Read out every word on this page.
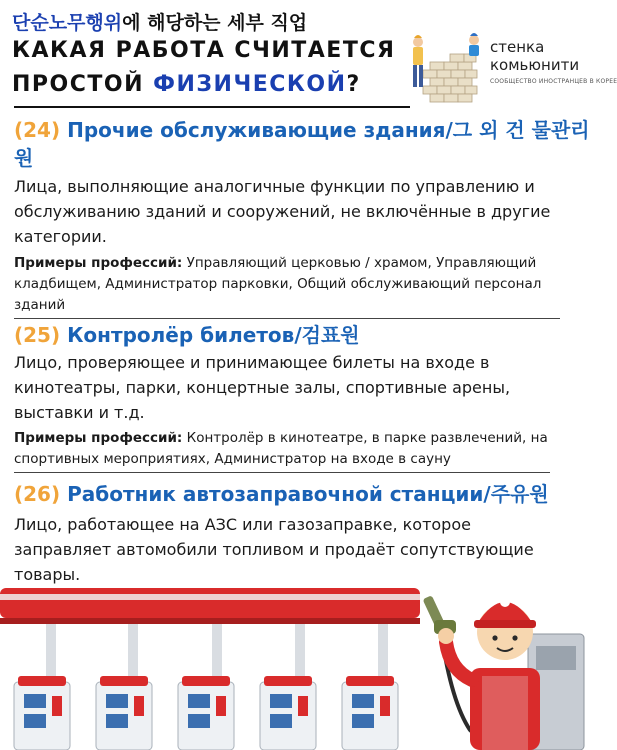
단순노무행위에 해당하는 세부 직업
КАКАЯ РАБОТА СЧИТАЕТСЯ
ПРОСТОЙ ФИЗИЧЕСКОЙ?
стенка
комьюнити
СООБЩЕСТВО ИНОСТРАНЦЕВ В КОРЕЕ
(24) Прочие обслуживающие здания/그 외 건 물관리원
Лица, выполняющие аналогичные функции по управлению и обслуживанию зданий и сооружений, не включённые в другие категории.
Примеры профессий: Управляющий церковью / храмом, Управляющий кладбищем, Администратор парковки, Общий обслуживающий персонал зданий
(25) Контролёр билетов/검표원
Лицо, проверяющее и принимающее билеты на входе в кинотеатры, парки, концертные залы, спортивные арены, выставки и т.д.
Примеры профессий: Контролёр в кинотеатре, в парке развлечений, на спортивных мероприятиях, Администратор на входе в сауну
(26) Работник автозаправочной станции/주유원
Лицо, работающее на АЗС или газозаправке, которое заправляет автомобили топливом и продаёт сопутствующие товары.
